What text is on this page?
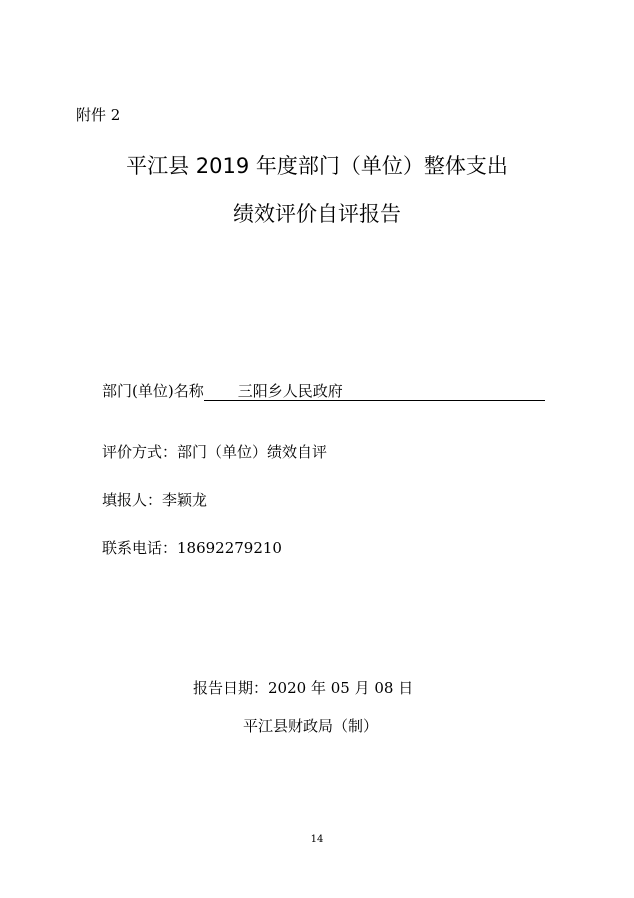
附件 2
平江县 2019 年度部门（单位）整体支出
绩效评价自评报告
部门(单位)名称 三阳乡人民政府
评价方式：部门（单位）绩效自评
填报人：李颖龙
联系电话：18692279210
报告日期：2020 年 05 月 08 日
平江县财政局（制）
14
